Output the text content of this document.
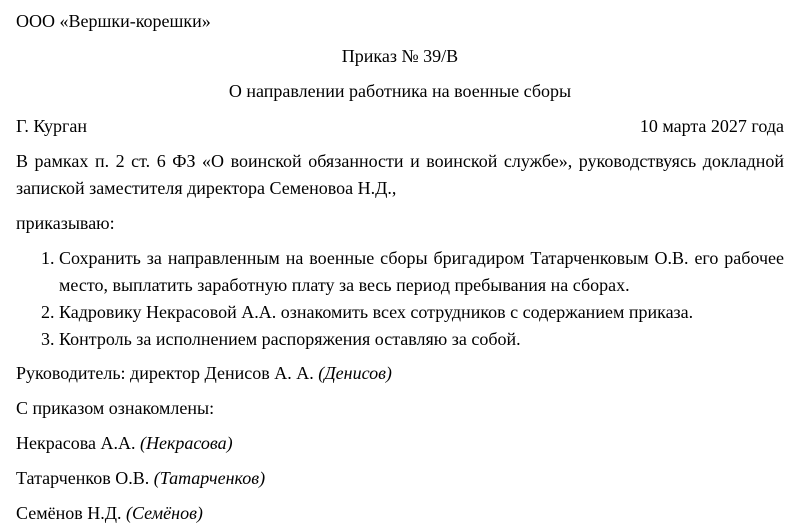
ООО «Вершки-корешки»

Приказ № 39/В

О направлении работника на военные сборы

Г. Курган	10 марта 2027 года

В рамках п. 2 ст. 6 ФЗ «О воинской обязанности и воинской службе», руководствуясь докладной запиской заместителя директора Семеновоа Н.Д.,

приказываю:

1. Сохранить за направленным на военные сборы бригадиром Татарченковым О.В. его рабочее место, выплатить заработную плату за весь период пребывания на сборах.
2. Кадровику Некрасовой А.А. ознакомить всех сотрудников с содержанием приказа.
3. Контроль за исполнением распоряжения оставляю за собой.

Руководитель: директор Денисов А. А. (Денисов)

С приказом ознакомлены:

Некрасова А.А. (Некрасова)

Татарченков О.В. (Татарченков)

Семёнов Н.Д. (Семёнов)
